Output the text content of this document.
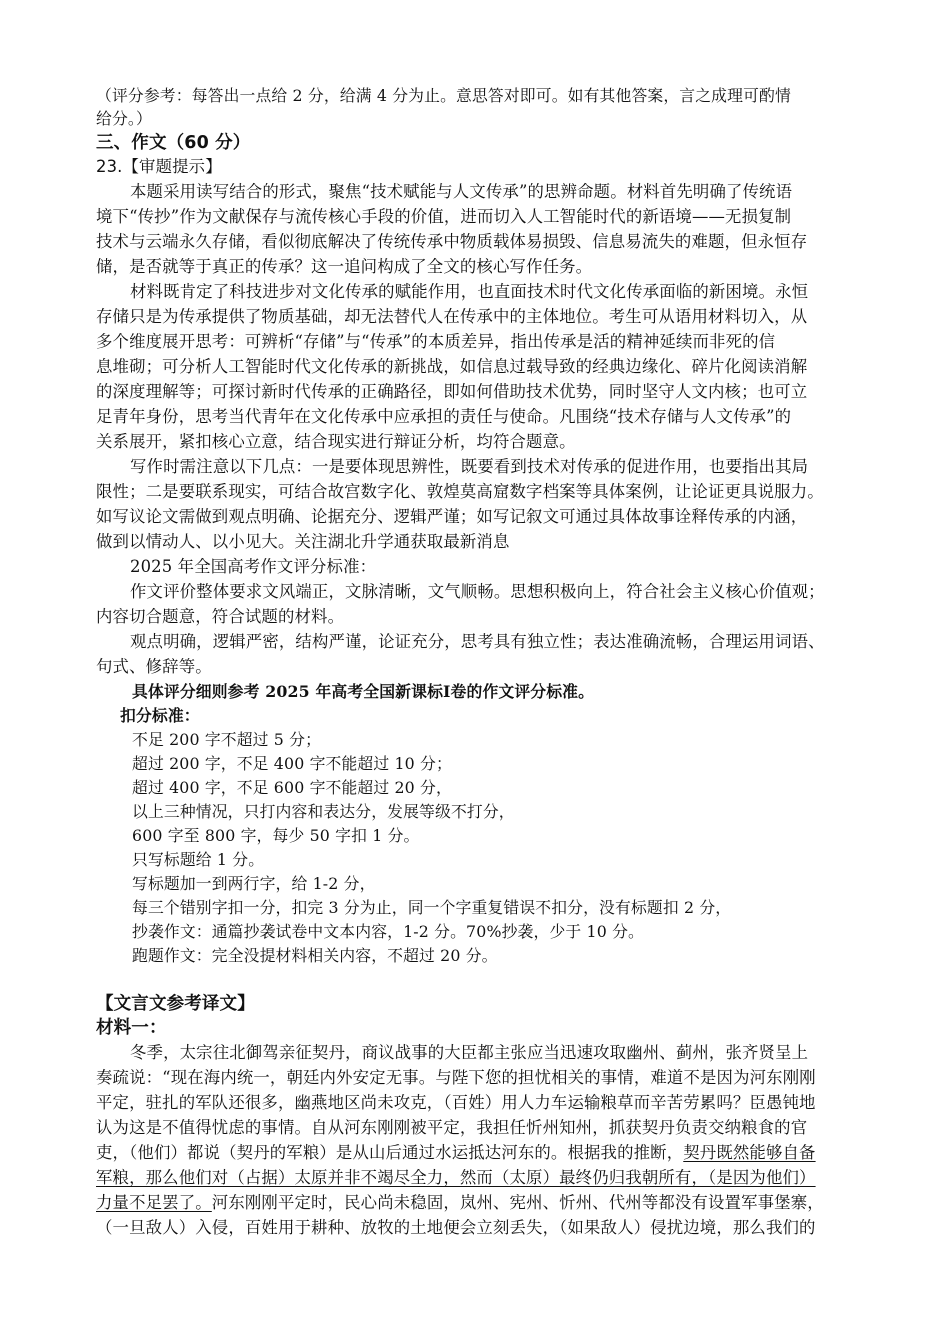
（评分参考：每答出一点给 2 分，给满 4 分为止。意思答对即可。如有其他答案，言之成理可酌情
给分。）
三、作文（60 分）
23.【审题提示】
本题采用读写结合的形式，聚焦“技术赋能与人文传承”的思辨命题。材料首先明确了传统语
境下“传抄”作为文献保存与流传核心手段的价值，进而切入人工智能时代的新语境——无损复制
技术与云端永久存储，看似彻底解决了传统传承中物质载体易损毁、信息易流失的难题，但永恒存
储，是否就等于真正的传承？这一追问构成了全文的核心写作任务。
材料既肯定了科技进步对文化传承的赋能作用，也直面技术时代文化传承面临的新困境。永恒
存储只是为传承提供了物质基础，却无法替代人在传承中的主体地位。考生可从语用材料切入，从
多个维度展开思考：可辨析“存储”与“传承”的本质差异，指出传承是活的精神延续而非死的信
息堆砌；可分析人工智能时代文化传承的新挑战，如信息过载导致的经典边缘化、碎片化阅读消解
的深度理解等；可探讨新时代传承的正确路径，即如何借助技术优势，同时坚守人文内核；也可立
足青年身份，思考当代青年在文化传承中应承担的责任与使命。凡围绕“技术存储与人文传承”的
关系展开，紧扣核心立意，结合现实进行辩证分析，均符合题意。
写作时需注意以下几点：一是要体现思辨性，既要看到技术对传承的促进作用，也要指出其局
限性；二是要联系现实，可结合故宫数字化、敦煌莫高窟数字档案等具体案例，让论证更具说服力。
如写议论文需做到观点明确、论据充分、逻辑严谨；如写记叙文可通过具体故事诠释传承的内涵，
做到以情动人、以小见大。关注湖北升学通获取最新消息
2025 年全国高考作文评分标准：
作文评价整体要求文风端正，文脉清晰，文气顺畅。思想积极向上，符合社会主义核心价值观；
内容切合题意，符合试题的材料。
观点明确，逻辑严密，结构严谨，论证充分，思考具有独立性；表达准确流畅，合理运用词语、
句式、修辞等。
具体评分细则参考 2025 年高考全国新课标Ⅰ卷的作文评分标准。
扣分标准：
不足 200 字不超过 5 分；
超过 200 字，不足 400 字不能超过 10 分；
超过 400 字，不足 600 字不能超过 20 分，
以上三种情况，只打内容和表达分，发展等级不打分，
600 字至 800 字，每少 50 字扣 1 分。
只写标题给 1 分。
写标题加一到两行字，给 1-2 分，
每三个错别字扣一分，扣完 3 分为止，同一个字重复错误不扣分，没有标题扣 2 分，
抄袭作文：通篇抄袭试卷中文本内容，1-2 分。70%抄袭，少于 10 分。
跑题作文：完全没提材料相关内容，不超过 20 分。
【文言文参考译文】
材料一：
冬季，太宗往北御驾亲征契丹，商议战事的大臣都主张应当迅速攻取幽州、蓟州，张齐贤呈上
奏疏说：“现在海内统一，朝廷内外安定无事。与陛下您的担忧相关的事情，难道不是因为河东刚刚
平定，驻扎的军队还很多，幽燕地区尚未攻克，（百姓）用人力车运输粮草而辛苦劳累吗？臣愚钝地
认为这是不值得忧虑的事情。自从河东刚刚被平定，我担任忻州知州，抓获契丹负责交纳粮食的官
吏，（他们）都说（契丹的军粮）是从山后通过水运抵达河东的。根据我的推断，契丹既然能够自备
军粮，那么他们对（占据）太原并非不竭尽全力，然而（太原）最终仍归我朝所有，（是因为他们）
力量不足罢了。河东刚刚平定时，民心尚未稳固，岚州、宪州、忻州、代州等都没有设置军事堡寨，
（一旦敌人）入侵，百姓用于耕种、放牧的土地便会立刻丢失，（如果敌人）侵扰边境，那么我们的
